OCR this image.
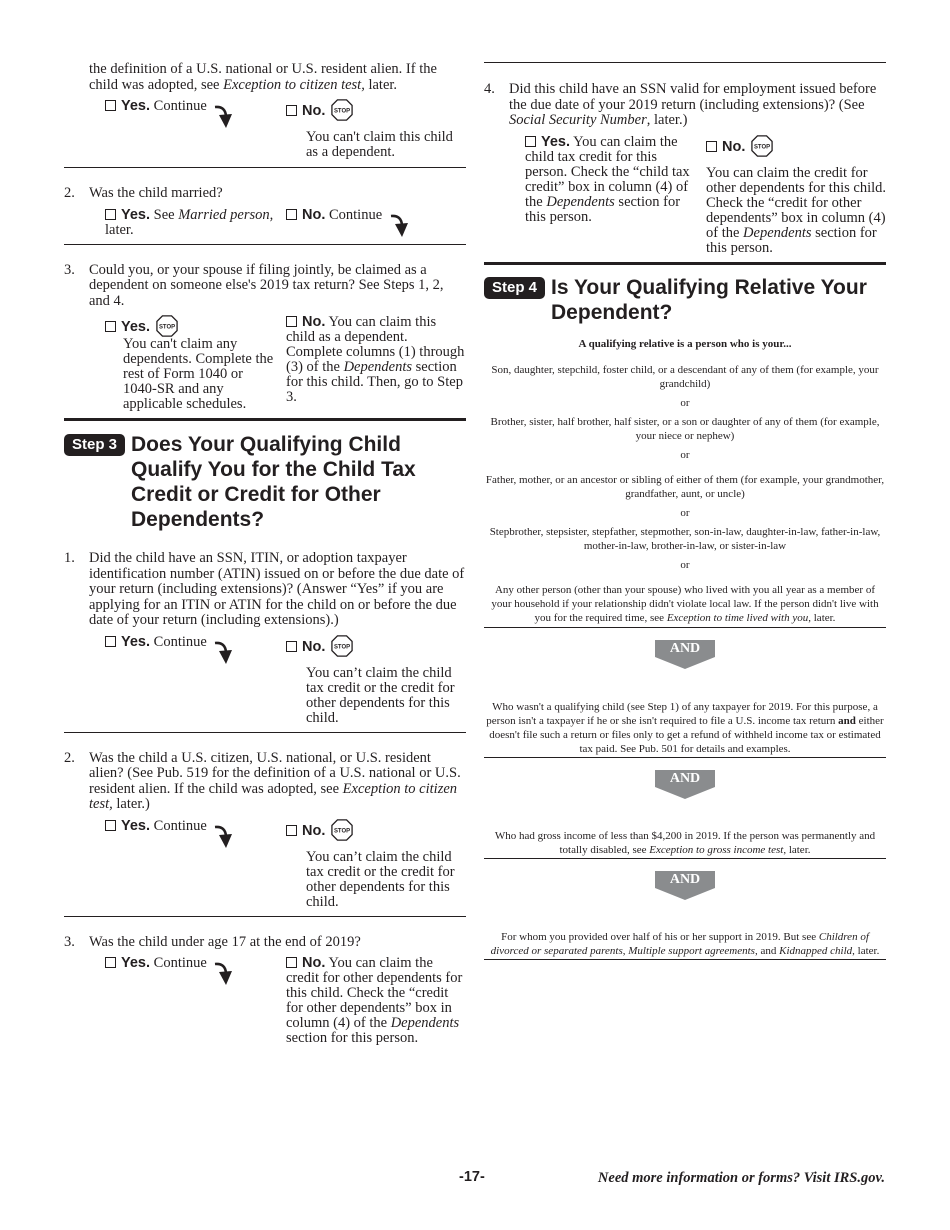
the definition of a U.S. national or U.S. resident alien. If the child was adopted, see Exception to citizen test, later.
Yes. Continue	No. STOP
You can't claim this child as a dependent.
2. Was the child married?
Yes. See Married person, later.
No. Continue
3. Could you, or your spouse if filing jointly, be claimed as a dependent on someone else's 2019 tax return? See Steps 1, 2, and 4.
Yes. STOP
You can't claim any dependents. Complete the rest of Form 1040 or 1040-SR and any applicable schedules.
No. You can claim this child as a dependent. Complete columns (1) through (3) of the Dependents section for this child. Then, go to Step 3.
Step 3 Does Your Qualifying Child Qualify You for the Child Tax Credit or Credit for Other Dependents?
1. Did the child have an SSN, ITIN, or adoption taxpayer identification number (ATIN) issued on or before the due date of your return (including extensions)? (Answer “Yes” if you are applying for an ITIN or ATIN for the child on or before the due date of your return (including extensions).)
Yes. Continue	No. STOP
You can’t claim the child tax credit or the credit for other dependents for this child.
2. Was the child a U.S. citizen, U.S. national, or U.S. resident alien? (See Pub. 519 for the definition of a U.S. national or U.S. resident alien. If the child was adopted, see Exception to citizen test, later.)
Yes. Continue	No. STOP
You can’t claim the child tax credit or the credit for other dependents for this child.
3. Was the child under age 17 at the end of 2019?
Yes. Continue	No. You can claim the credit for other dependents for this child. Check the “credit for other dependents” box in column (4) of the Dependents section for this person.
4. Did this child have an SSN valid for employment issued before the due date of your 2019 return (including extensions)? (See Social Security Number, later.)
Yes. You can claim the child tax credit for this person. Check the “child tax credit” box in column (4) of the Dependents section for this person.
No. STOP
You can claim the credit for other dependents for this child. Check the “credit for other dependents” box in column (4) of the Dependents section for this person.
Step 4 Is Your Qualifying Relative Your Dependent?
A qualifying relative is a person who is your...
Son, daughter, stepchild, foster child, or a descendant of any of them (for example, your grandchild)
or
Brother, sister, half brother, half sister, or a son or daughter of any of them (for example, your niece or nephew)
or
Father, mother, or an ancestor or sibling of either of them (for example, your grandmother, grandfather, aunt, or uncle)
or
Stepbrother, stepsister, stepfather, stepmother, son-in-law, daughter-in-law, father-in-law, mother-in-law, brother-in-law, or sister-in-law
or
Any other person (other than your spouse) who lived with you all year as a member of your household if your relationship didn't violate local law. If the person didn't live with you for the required time, see Exception to time lived with you, later.
AND
Who wasn't a qualifying child (see Step 1) of any taxpayer for 2019. For this purpose, a person isn't a taxpayer if he or she isn't required to file a U.S. income tax return and either doesn't file such a return or files only to get a refund of withheld income tax or estimated tax paid. See Pub. 501 for details and examples.
AND
Who had gross income of less than $4,200 in 2019. If the person was permanently and totally disabled, see Exception to gross income test, later.
AND
For whom you provided over half of his or her support in 2019. But see Children of divorced or separated parents, Multiple support agreements, and Kidnapped child, later.
-17-	Need more information or forms? Visit IRS.gov.
